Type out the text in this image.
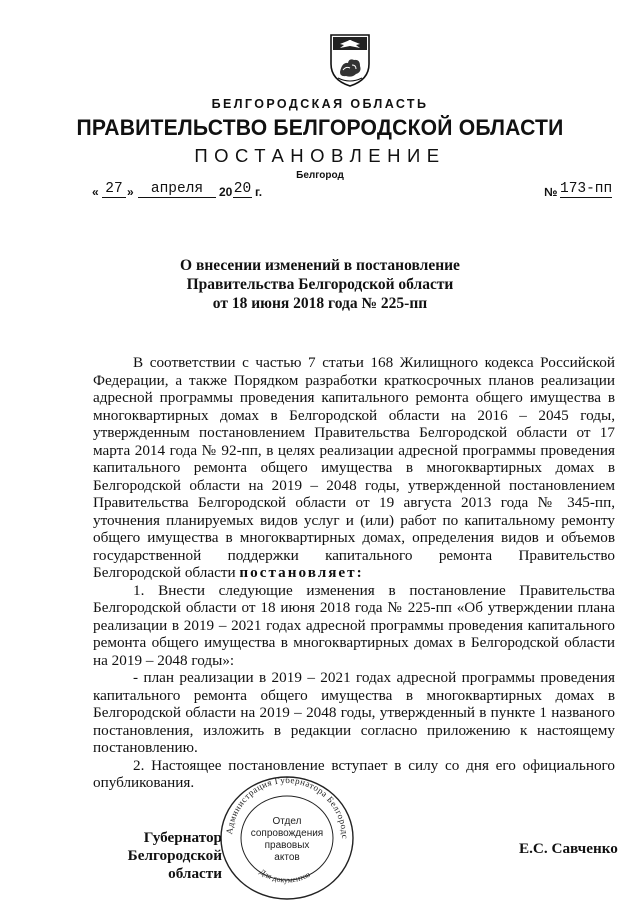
БЕЛГОРОДСКАЯ ОБЛАСТЬ
ПРАВИТЕЛЬСТВО БЕЛГОРОДСКОЙ ОБЛАСТИ
ПОСТАНОВЛЕНИЕ
Белгород
« 27 »	апреля	20 20 г.	№ 173-пп
О внесении изменений в постановление
Правительства Белгородской области
от 18 июня 2018 года № 225-пп

В соответствии с частью 7 статьи 168 Жилищного кодекса Российской Федерации, а также Порядком разработки краткосрочных планов реализации адресной программы проведения капитального ремонта общего имущества в многоквартирных домах в Белгородской области на 2016 – 2045 годы, утвержденным постановлением Правительства Белгородской области от 17 марта 2014 года № 92-пп, в целях реализации адресной программы проведения капитального ремонта общего имущества в многоквартирных домах в Белгородской области на 2019 – 2048 годы, утвержденной постановлением Правительства Белгородской области от 19 августа 2013 года № 345-пп, уточнения планируемых видов услуг и (или) работ по капитальному ремонту общего имущества в многоквартирных домах, определения видов и объемов государственной поддержки капитального ремонта Правительство Белгородской области постановляет:

1. Внести следующие изменения в постановление Правительства Белгородской области от 18 июня 2018 года № 225-пп «Об утверждении плана реализации в 2019 – 2021 годах адресной программы проведения капитального ремонта общего имущества в многоквартирных домах в Белгородской области на 2019 – 2048 годы»:

- план реализации в 2019 – 2021 годах адресной программы проведения капитального ремонта общего имущества в многоквартирных домах в Белгородской области на 2019 – 2048 годы, утвержденный в пункте 1 названого постановления, изложить в редакции согласно приложению к настоящему постановлению.

2. Настоящее постановление вступает в силу со дня его официального опубликования.

Администрация Губернатора Белгородс
Для документов
Отдел
сопровождения
правовых
актов
Губернатор
Белгородской области
Е.С. Савченко
